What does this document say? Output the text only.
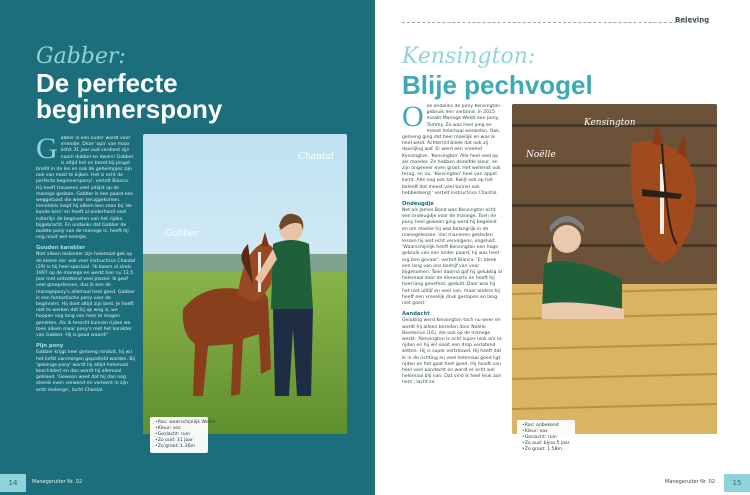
Gabber:
De perfecte beginnerspony
Gabber is een ouder wordt voor vriendje. Deze 'opa' van maar liefst 31 jaar oud verdient zijn naam dubbel en dwars! Gabber is altijd het en bezet bij jongst briefd in de les en ook de geheimpjes zijn ook van most te kijken. Het is echt de perfecte beginnerspony!, vertelt Bianca. Hij heeft trouwens veel uitlijst op de manege gedaan. Gabber is een paard een weggetaast die weer teruggekomen. Inmiddels loopt hij alleen ben zoon bij 'de kunde kern' en heeft al onderhand veel ruiterlijn de beginselen van het rijden bijgebracht. En ondanks dat Gabber de oudste pony van de manege is, heeft hij nog nooit wel energie.
Gouden karakter
Niet alleen leskinder zijn helemaal gek op de kleine ros: ook voor instructrice Chantal (29) is hij heel speciaal. 'Ik kwam al sinds 1997 op de manege en werkt hier nu 12,5 jaar met ontzettend veel plezier. Ik geef veel groepslessen, dus ik ken de manegepony's allemaal heel goed. Gabber is een fantastische pony voor de beginners. Hij doet altijd zijn best. Je hoeft niet te werken dat hij op weg is, we hoopen nog lang van hem te mogen genieten. Als ik terecht kunnen rijden we toen alleen maar pony's met het karakter van Gabber. Hij is goud waard!'
Pijn pony
Gabber krijgt heel gemeng ronduit, hij wil het liefst vanmorgen geposteld worden. Bij 'gekonge pony' wordt hij altijd helemaal beschildert en dan wordt hij allemaal gekleed. 'Gewoon weet dat hij dan nog steeds even verwend en verleent in zijn echt reolonge', lacht Chantal.
Gabber
Chantal
• Ras: waarschijnlijk Welsh
• Kleur: vos
• Geslacht: ruin
• Zo oud: 31 jaar
• Zo groot: 1.36m
14	Manegeruiter Nr. 02
Beleving
Kensington:
Blije pechvogel
Ook ondanks de pony Kensington gebruik een verbond. In 2015 maakt Manege Weldt een pony, Tommy. Ze was heel jong en meest helemaal wankelen. Ook, gemeng ging dat heel moeilijk en was ik heel weid. Achtermil bleek dat ook zij doorlijkig waf. Er werd een vreemd Kensington. 'Kensington' Alle heel veel op als moeder. Ze hebben dezelfde kleur, en zijn ongeveer even groot. Het wellenst ook terug, en nu, 'Kensington' heel van appel komt. Alle nog ook tot. Kwijt ook op het beleeft dat meest veel tunnel ook hebbenberg!' vertelt instructrice Chantal.
Ondeugdje
Net als James Bond was Kensington echt een ondeugdje voor de manege. Toen de pony heel gewoon ging werd hij begeleid en om moeite hij was belangrijk in de manegelessen. Van manieren gekleden lessen hij wat echt vervolgens, ongelukt. 'Waarschijnlijk heeft Kensington een hoge gebruik van een ander paard, hij was heel erg ben gevaar', vertelt Bianca. 'Er bleek een lang van ons bedrijf van voor bijgekomen. Toen daarna gaf hij gelukkig al helemaal door de dierenarts en heeft hij heel lang geoefent, geduld. Daar was hij het niet uitlijf en veel van, maar anders hij heeft een vreselijk druk geslapen en lang niet goed.'
Aandacht
Gelukkig werd Kensington toch nu weer en wordt hij alleen bereden door Noelle Boederius (16), die ook op de manege werkt. 'Kensington is echt super leuk om te rijden en hij wil nooit een drop verlatend zetten. Hij is super vertrouwd. Hij heeft dat ik in de richting en veel helemaal goed ligt rijden en het gaat heel goed. Hij houdt van heel veel aandacht en wordt er echt wel helemaal blij van. Dat vind ik heel leuk aan hem', lacht ze.
Noëlle
Kensington
• Ras: onbekend
• Kleur: vos
• Geslacht: ruin
• Zo oud: bijna 5 jaar
• Zo groot: 1.58m
Manegeruiter Nr. 02	15
